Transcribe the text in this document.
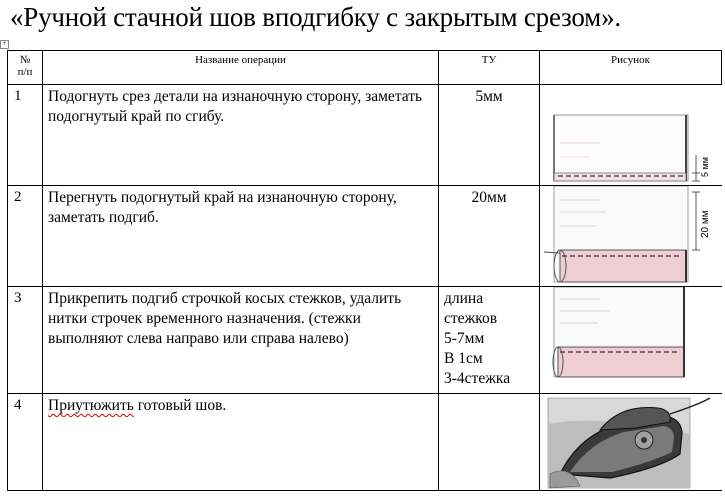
«Ручной стачной шов вподгибку с закрытым срезом».
+
№
п/п	Название операции	ТУ	Рисунок
1	Подогнуть срез детали на изнаночную сторону, заметать подогнутый край по сгибу.	5мм	5 мм

2	Перегнуть подогнутый край на изнаночную сторону, заметать подгиб.	20мм	20 мм

3	Прикрепить подгиб строчкой косых стежков, удалить нитки строчек временного назначения. (стежки выполняют слева направо или справа налево)	длина
стежков
5-7мм
В 1см
3-4стежка

4	Приутюжить готовый шов.		
